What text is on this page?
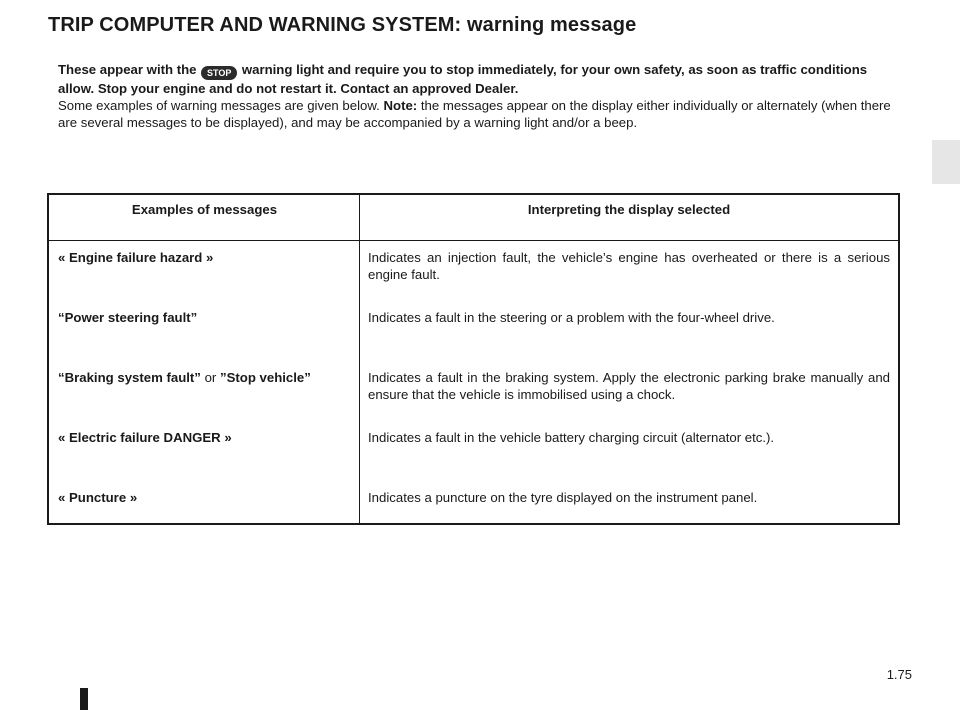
TRIP COMPUTER AND WARNING SYSTEM: warning message

These appear with the STOP warning light and require you to stop immediately, for your own safety, as soon as traffic conditions allow. Stop your engine and do not restart it. Contact an approved Dealer.

Some examples of warning messages are given below. Note: the messages appear on the display either individually or alternately (when there are several messages to be displayed), and may be accompanied by a warning light and/or a beep.

Examples of messages	Interpreting the display selected
« Engine failure hazard »	Indicates an injection fault, the vehicle’s engine has overheated or there is a serious engine fault.
“Power steering fault”	Indicates a fault in the steering or a problem with the four-wheel drive.
“Braking system fault” or ”Stop vehicle”	Indicates a fault in the braking system. Apply the electronic parking brake manually and ensure that the vehicle is immobilised using a chock.
« Electric failure DANGER »	Indicates a fault in the vehicle battery charging circuit (alternator etc.).
« Puncture »	Indicates a puncture on the tyre displayed on the instrument panel.
1.75
